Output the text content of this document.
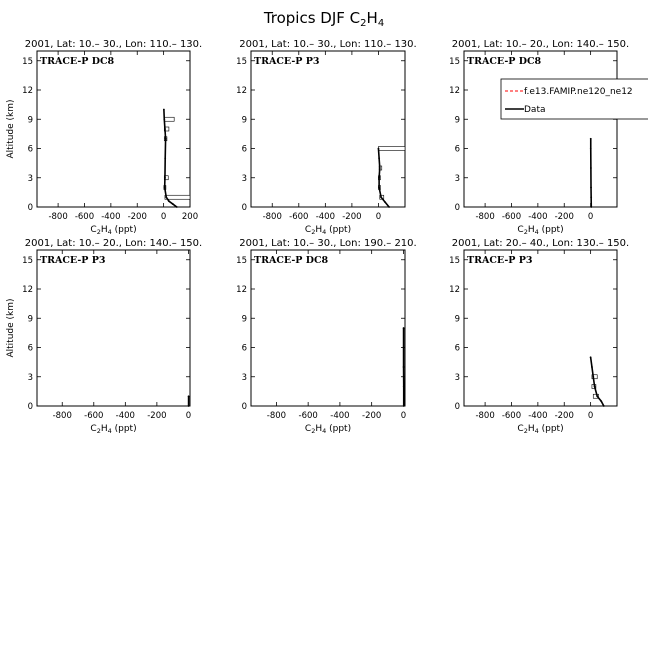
Tropics DJF $C_2H_4$
2001, Lat: 10.– 30., Lon: 110.– 130.
TRACE-P DC8
-800 -600 -400 -200 0 200
0
3
6
9
12
15
$C_2H_4$ (ppt)
Altitude (km)
2001, Lat: 10.– 30., Lon: 110.– 130.
TRACE-P P3
-800 -600 -400 -200 0
0
3
6
9
12
15
$C_2H_4$ (ppt)
2001, Lat: 10.– 20., Lon: 140.– 150.
TRACE-P DC8
-800 -600 -400 -200 0
0
3
6
9
12
15
$C_2H_4$ (ppt)
2001, Lat: 10.– 20., Lon: 140.– 150.
TRACE-P P3
-800 -600 -400 -200 0
0
3
6
9
12
15
$C_2H_4$ (ppt)
Altitude (km)
2001, Lat: 10.– 30., Lon: 190.– 210.
TRACE-P DC8
-800 -600 -400 -200 0
0
3
6
9
12
15
$C_2H_4$ (ppt)
2001, Lat: 20.– 40., Lon: 130.– 150.
TRACE-P P3
-800 -600 -400 -200 0
0
3
6
9
12
15
$C_2H_4$ (ppt)
f.e13.FAMIP.ne120_ne12
Data
